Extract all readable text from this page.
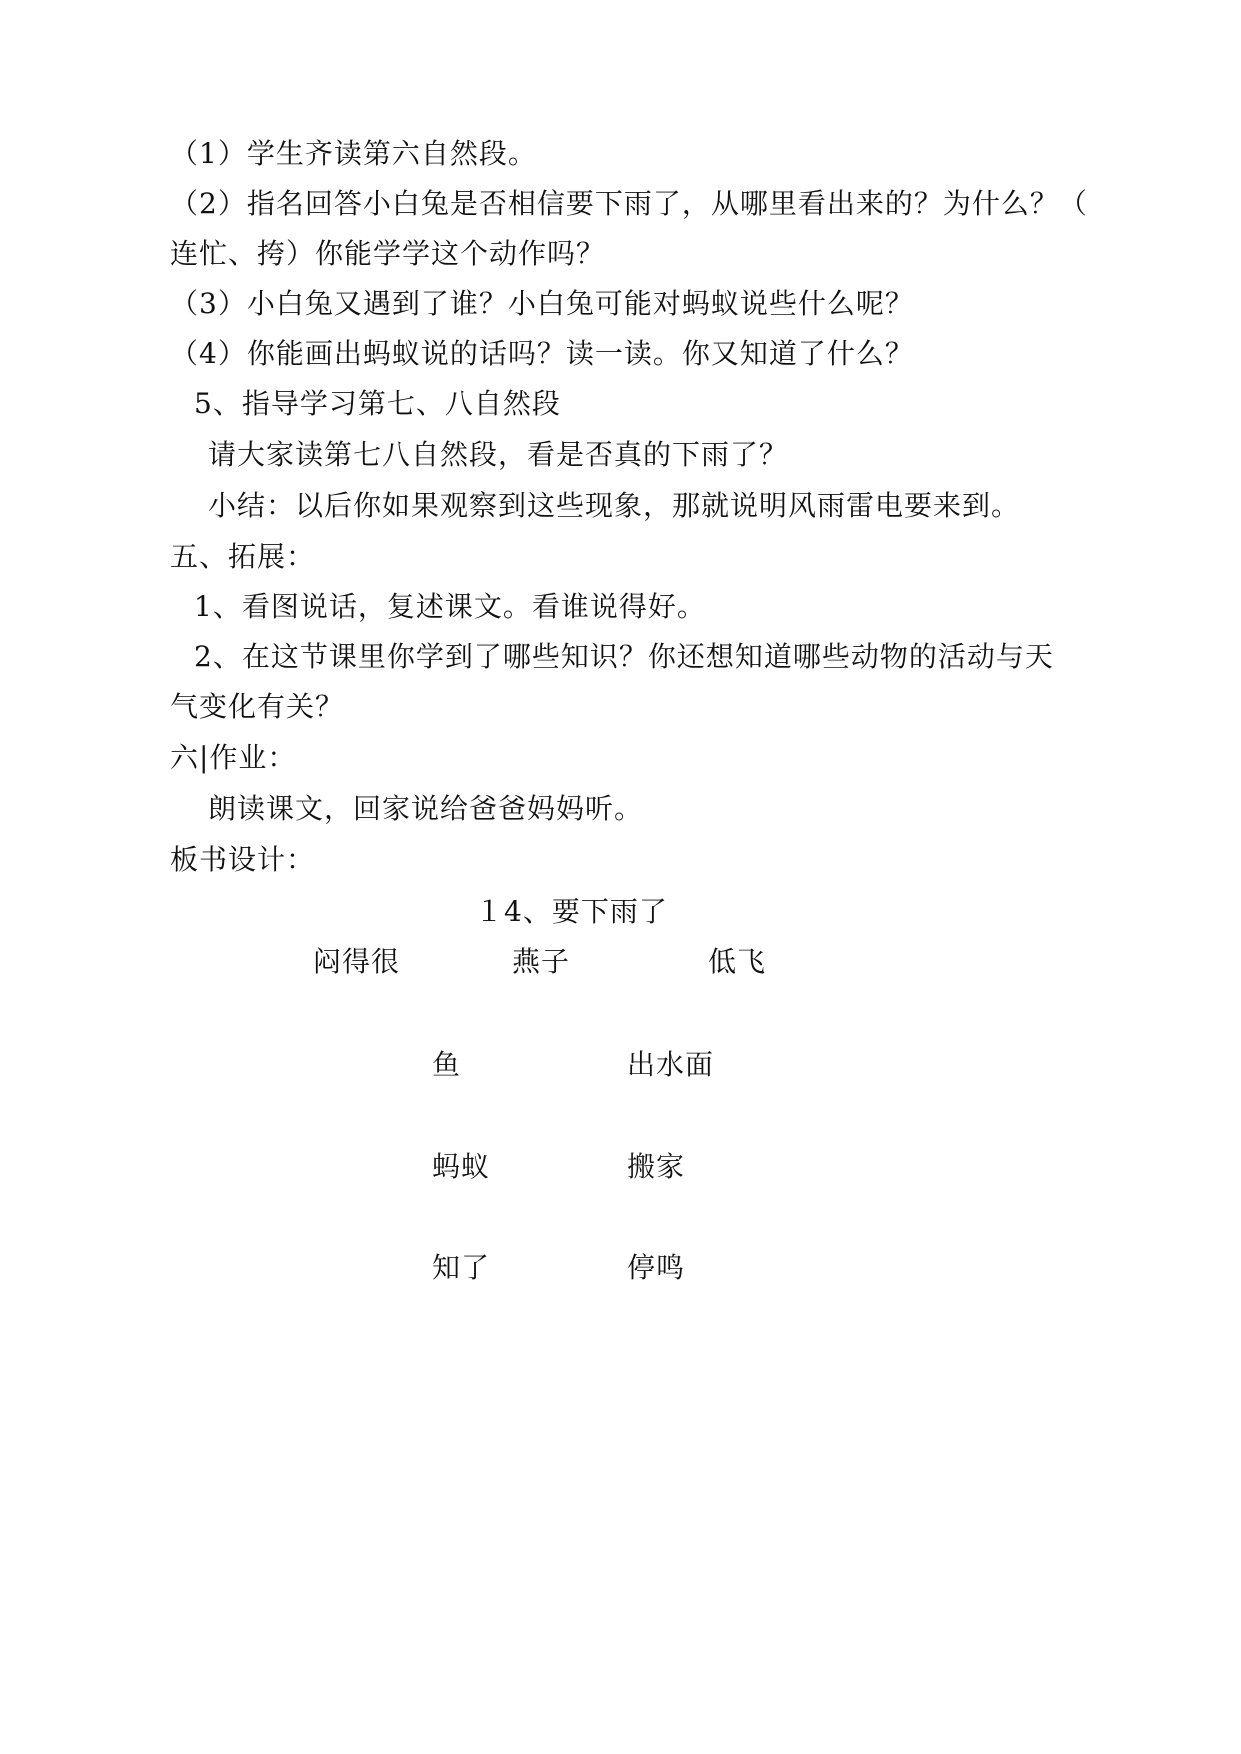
（1）学生齐读第六自然段。
（2）指名回答小白兔是否相信要下雨了，从哪里看出来的？为什么？（
连忙、挎）你能学学这个动作吗？
（3）小白兔又遇到了谁？小白兔可能对蚂蚁说些什么呢？
（4）你能画出蚂蚁说的话吗？读一读。你又知道了什么？
5、指导学习第七、八自然段
请大家读第七八自然段，看是否真的下雨了？
小结：以后你如果观察到这些现象，那就说明风雨雷电要来到。
五、拓展：
1、看图说话，复述课文。看谁说得好。
2、在这节课里你学到了哪些知识？你还想知道哪些动物的活动与天
气变化有关？
六|作业：
朗读课文，回家说给爸爸妈妈听。
板书设计：
１4、要下雨了
闷得很	燕子	低飞
鱼	出水面
蚂蚁	搬家
知了	停鸣
